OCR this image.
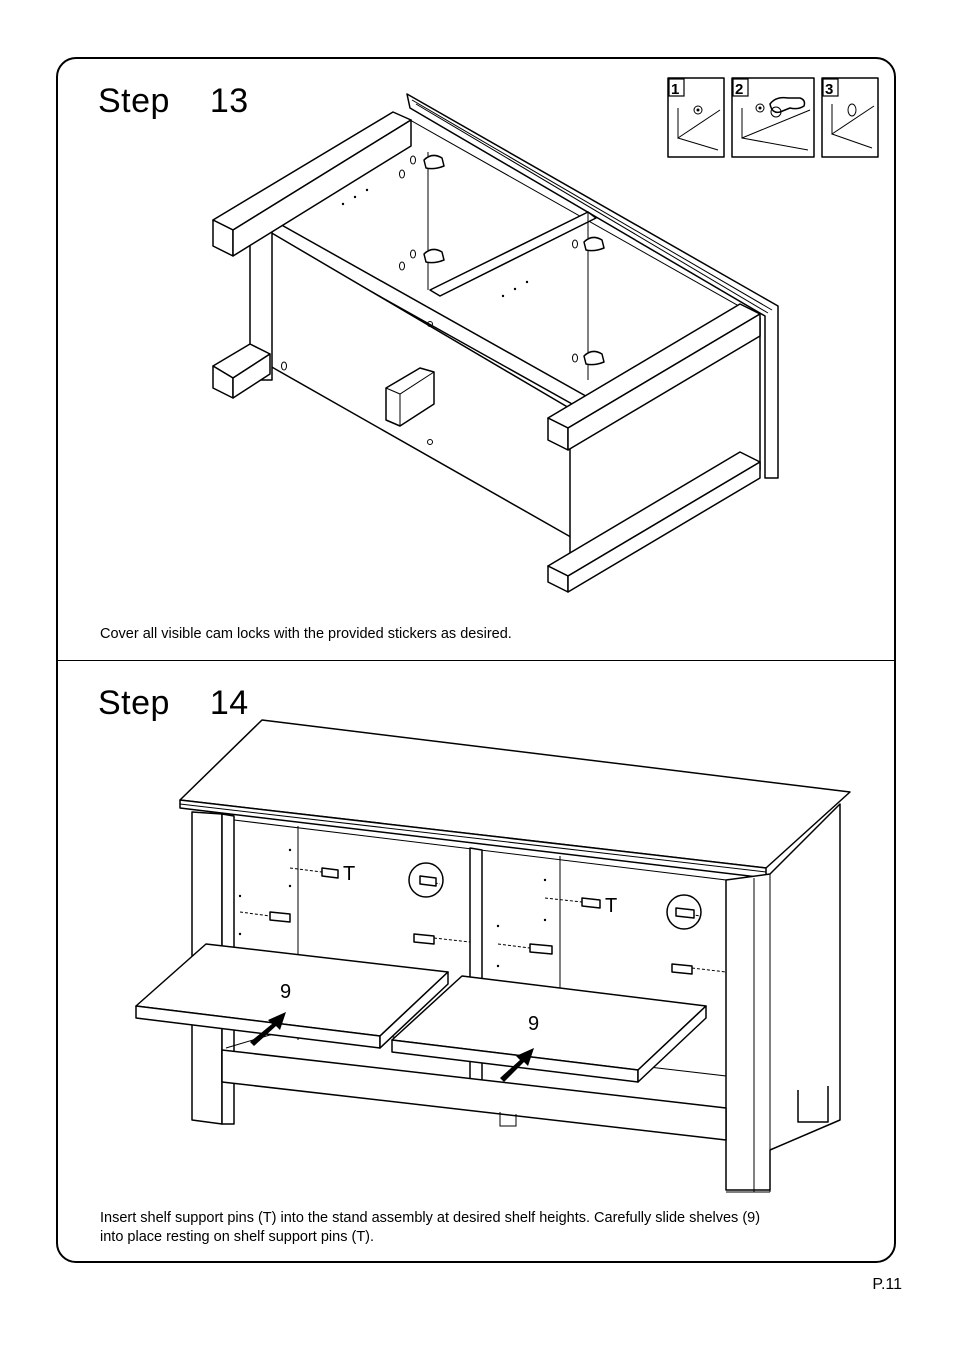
Step  13
Cover all visible cam locks with the provided stickers as desired.
Step  14
Insert shelf support pins (T) into the stand assembly at desired shelf heights. Carefully slide shelves (9)
into place resting on shelf support pins (T).
P.11
1	2	3
9
9
T
T
